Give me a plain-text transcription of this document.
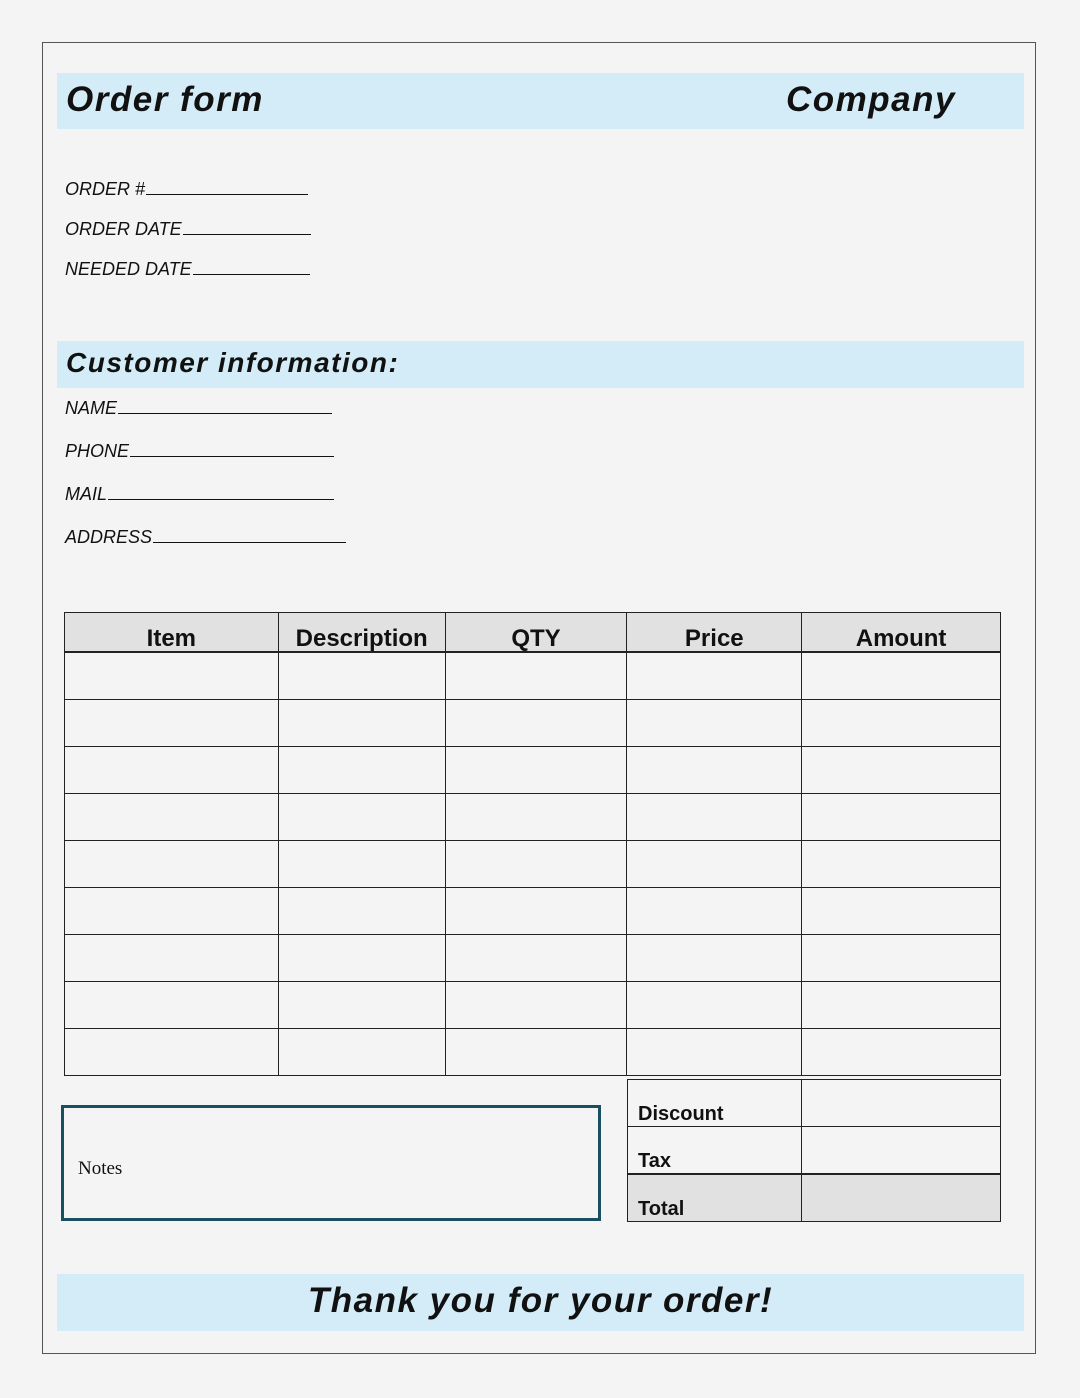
Order form	Company
ORDER #
ORDER DATE
NEEDED DATE
Customer information:
NAME
PHONE
MAIL
ADDRESS
Item	Description	QTY	Price	Amount

Notes
Discount	
Tax	
Total	
Thank you for your order!
